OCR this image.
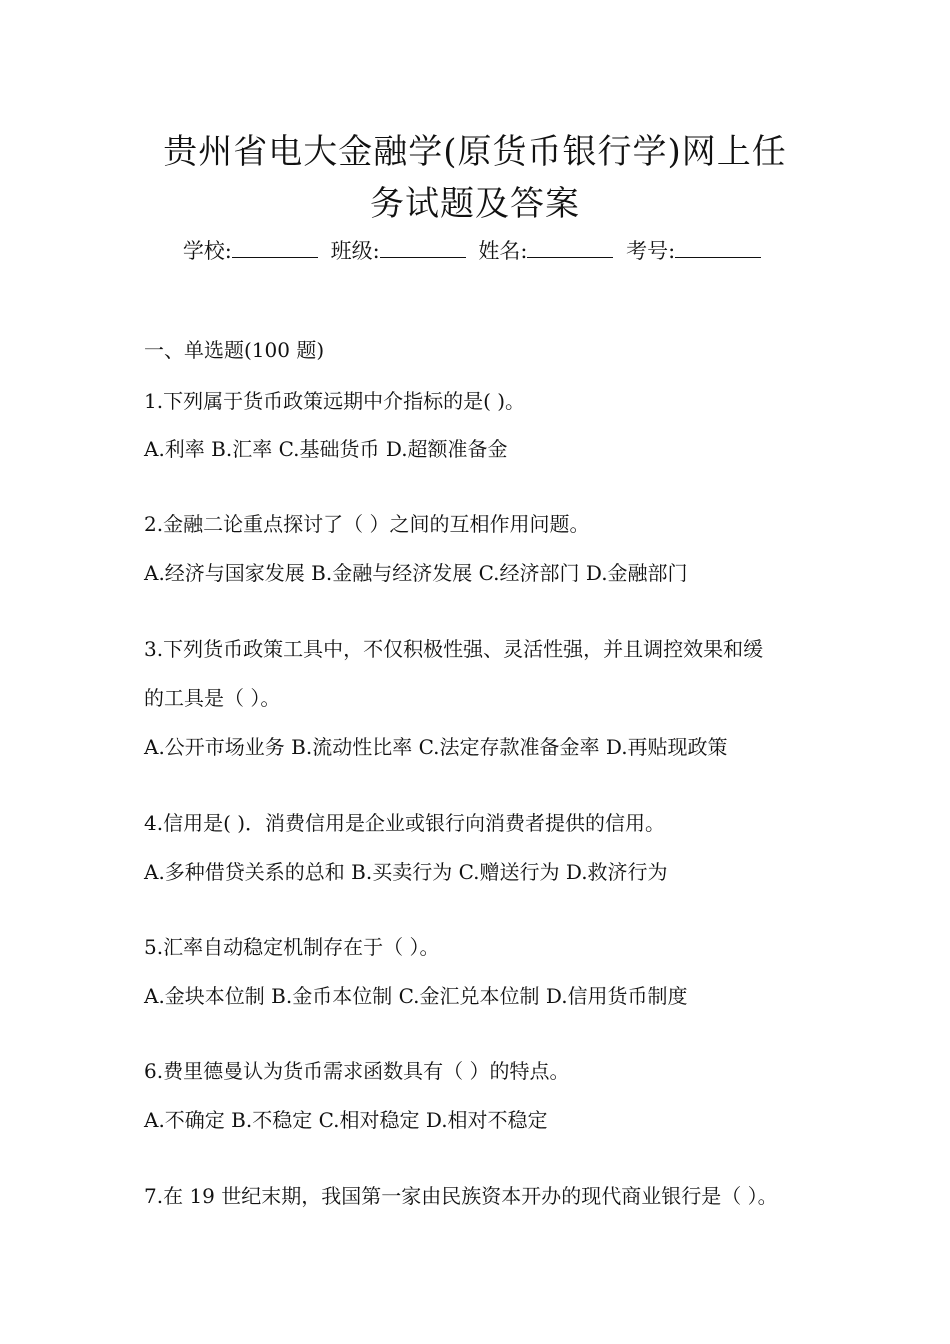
贵州省电大金融学(原货币银行学)网上任
务试题及答案
学校:	班级:	姓名:	考号:
一、单选题(100 题)
1.下列属于货币政策远期中介指标的是( )。
A.利率 B.汇率 C.基础货币 D.超额准备金
2.金融二论重点探讨了（ ）之间的互相作用问题。
A.经济与国家发展 B.金融与经济发展 C.经济部门 D.金融部门
3.下列货币政策工具中，不仅积极性强、灵活性强，并且调控效果和缓
的工具是（ ）。
A.公开市场业务 B.流动性比率 C.法定存款准备金率 D.再贴现政策
4.信用是( )．消费信用是企业或银行向消费者提供的信用。
A.多种借贷关系的总和 B.买卖行为 C.赠送行为 D.救济行为
5.汇率自动稳定机制存在于（ ）。
A.金块本位制 B.金币本位制 C.金汇兑本位制 D.信用货币制度
6.费里德曼认为货币需求函数具有（ ）的特点。
A.不确定 B.不稳定 C.相对稳定 D.相对不稳定
7.在 19 世纪末期，我国第一家由民族资本开办的现代商业银行是（ ）。
